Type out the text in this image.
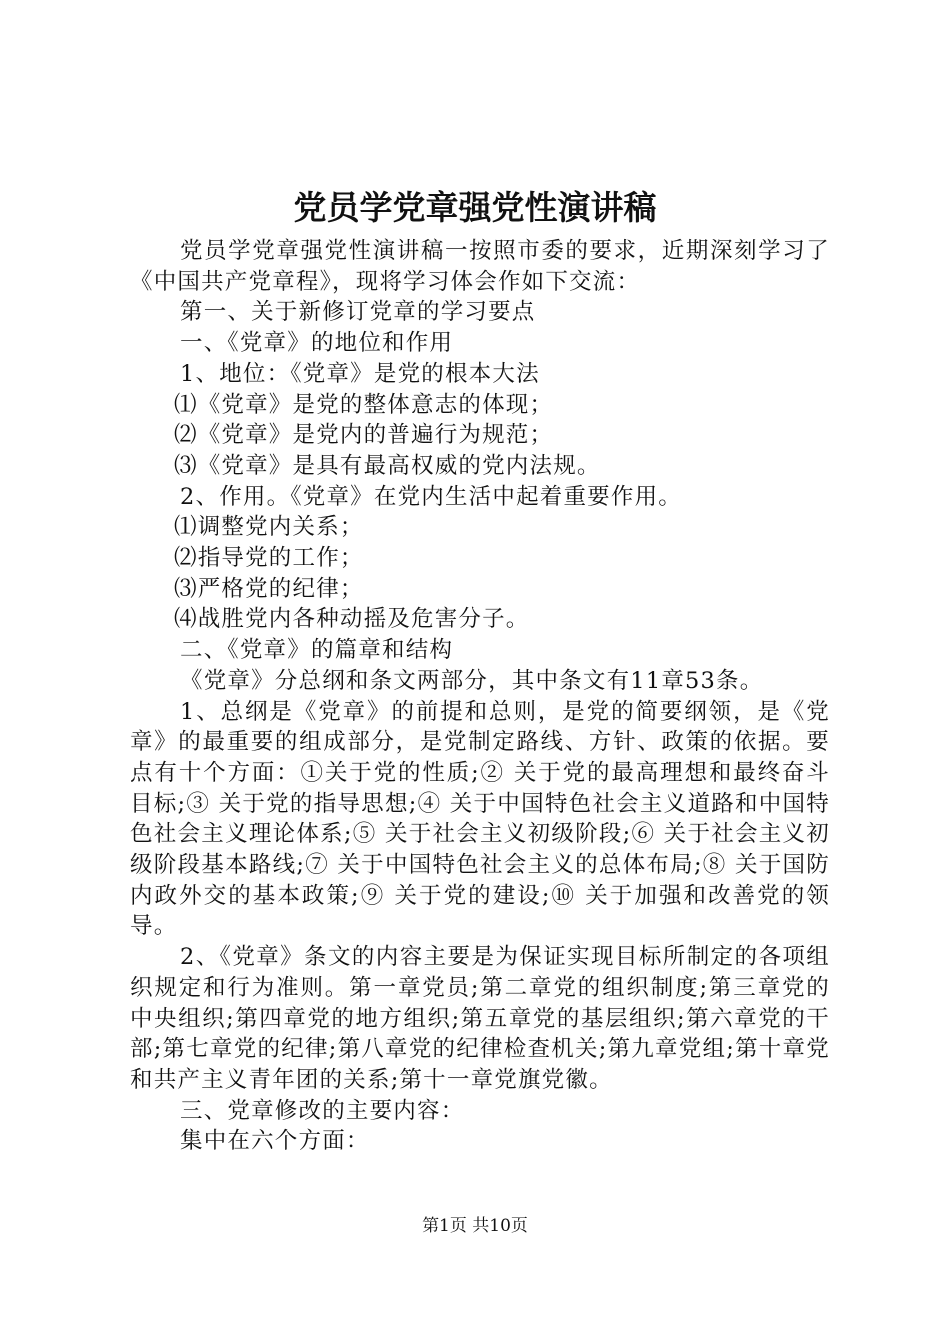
党员学党章强党性演讲稿

党员学党章强党性演讲稿一按照市委的要求，近期深刻学习了《中国共产党章程》，现将学习体会作如下交流：

第一、关于新修订党章的学习要点

一、《党章》的地位和作用

1、地位：《党章》是党的根本大法

⑴《党章》是党的整体意志的体现；

⑵《党章》是党内的普遍行为规范；

⑶《党章》是具有最高权威的党内法规。

2、作用。《党章》在党内生活中起着重要作用。

⑴调整党内关系；

⑵指导党的工作；

⑶严格党的纪律；

⑷战胜党内各种动摇及危害分子。

二、《党章》的篇章和结构

《党章》分总纲和条文两部分，其中条文有11章53条。

1、总纲是《党章》的前提和总则，是党的简要纲领，是《党章》的最重要的组成部分，是党制定路线、方针、政策的依据。要点有十个方面：①关于党的性质;② 关于党的最高理想和最终奋斗目标;③ 关于党的指导思想;④ 关于中国特色社会主义道路和中国特色社会主义理论体系;⑤ 关于社会主义初级阶段;⑥ 关于社会主义初级阶段基本路线;⑦ 关于中国特色社会主义的总体布局;⑧ 关于国防内政外交的基本政策;⑨ 关于党的建设;⑩ 关于加强和改善党的领导。

2、《党章》条文的内容主要是为保证实现目标所制定的各项组织规定和行为准则。第一章党员;第二章党的组织制度;第三章党的中央组织;第四章党的地方组织;第五章党的基层组织;第六章党的干部;第七章党的纪律;第八章党的纪律检查机关;第九章党组;第十章党和共产主义青年团的关系;第十一章党旗党徽。

三、党章修改的主要内容：

集中在六个方面：

第1页 共10页
